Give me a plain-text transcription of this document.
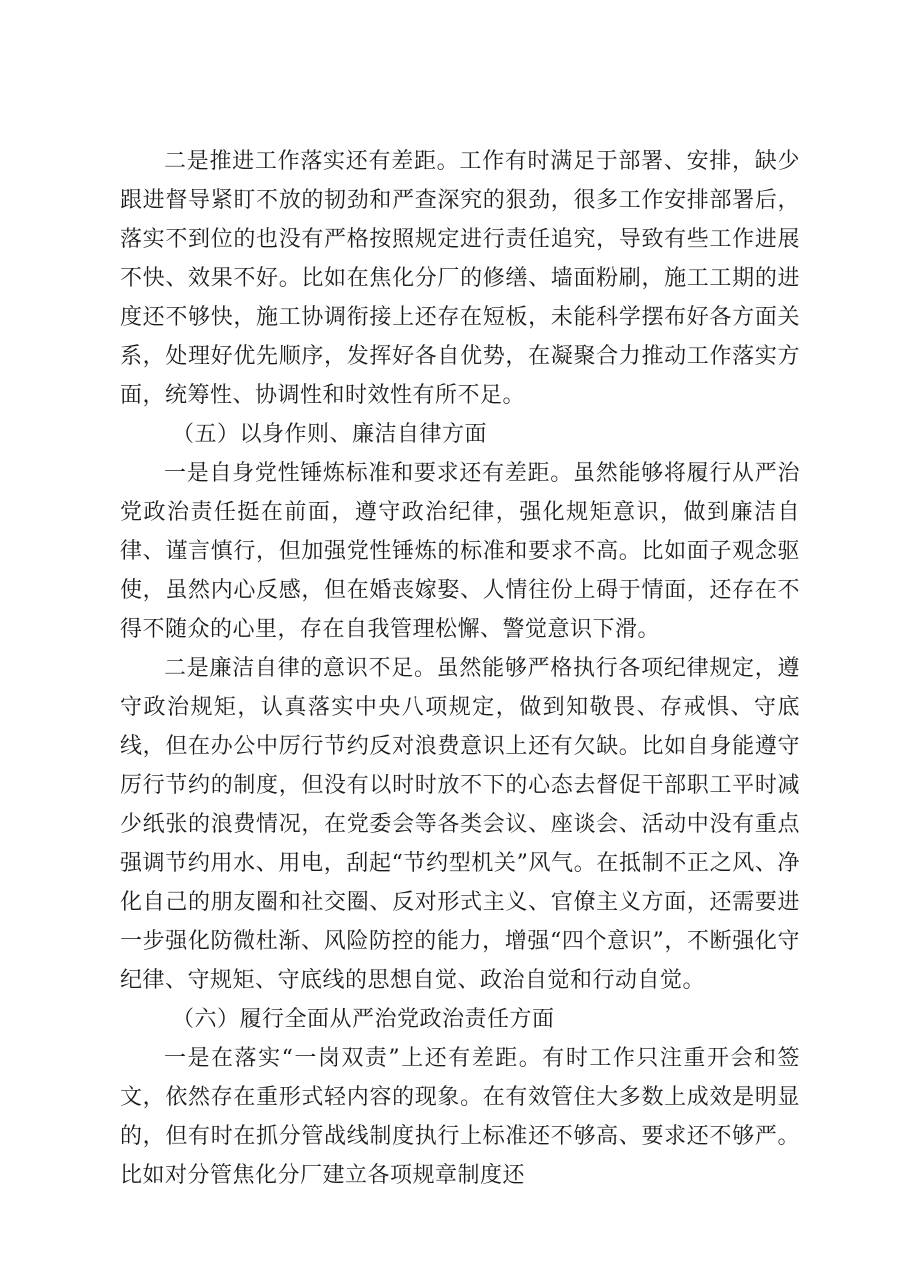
二是推进工作落实还有差距。工作有时满足于部署、安排，缺少跟进督导紧盯不放的韧劲和严查深究的狠劲，很多工作安排部署后，落实不到位的也没有严格按照规定进行责任追究，导致有些工作进展不快、效果不好。比如在焦化分厂的修缮、墙面粉刷，施工工期的进度还不够快，施工协调衔接上还存在短板，未能科学摆布好各方面关系，处理好优先顺序，发挥好各自优势，在凝聚合力推动工作落实方面，统筹性、协调性和时效性有所不足。

（五）以身作则、廉洁自律方面

一是自身党性锤炼标准和要求还有差距。虽然能够将履行从严治党政治责任挺在前面，遵守政治纪律，强化规矩意识，做到廉洁自律、谨言慎行，但加强党性锤炼的标准和要求不高。比如面子观念驱使，虽然内心反感，但在婚丧嫁娶、人情往份上碍于情面，还存在不得不随众的心里，存在自我管理松懈、警觉意识下滑。

二是廉洁自律的意识不足。虽然能够严格执行各项纪律规定，遵守政治规矩，认真落实中央八项规定，做到知敬畏、存戒惧、守底线，但在办公中厉行节约反对浪费意识上还有欠缺。比如自身能遵守厉行节约的制度，但没有以时时放不下的心态去督促干部职工平时减少纸张的浪费情况，在党委会等各类会议、座谈会、活动中没有重点强调节约用水、用电，刮起“节约型机关”风气。在抵制不正之风、净化自己的朋友圈和社交圈、反对形式主义、官僚主义方面，还需要进一步强化防微杜渐、风险防控的能力，增强“四个意识”，不断强化守纪律、守规矩、守底线的思想自觉、政治自觉和行动自觉。

（六）履行全面从严治党政治责任方面

一是在落实“一岗双责”上还有差距。有时工作只注重开会和签文，依然存在重形式轻内容的现象。在有效管住大多数上成效是明显的，但有时在抓分管战线制度执行上标准还不够高、要求还不够严。比如对分管焦化分厂建立各项规章制度还
